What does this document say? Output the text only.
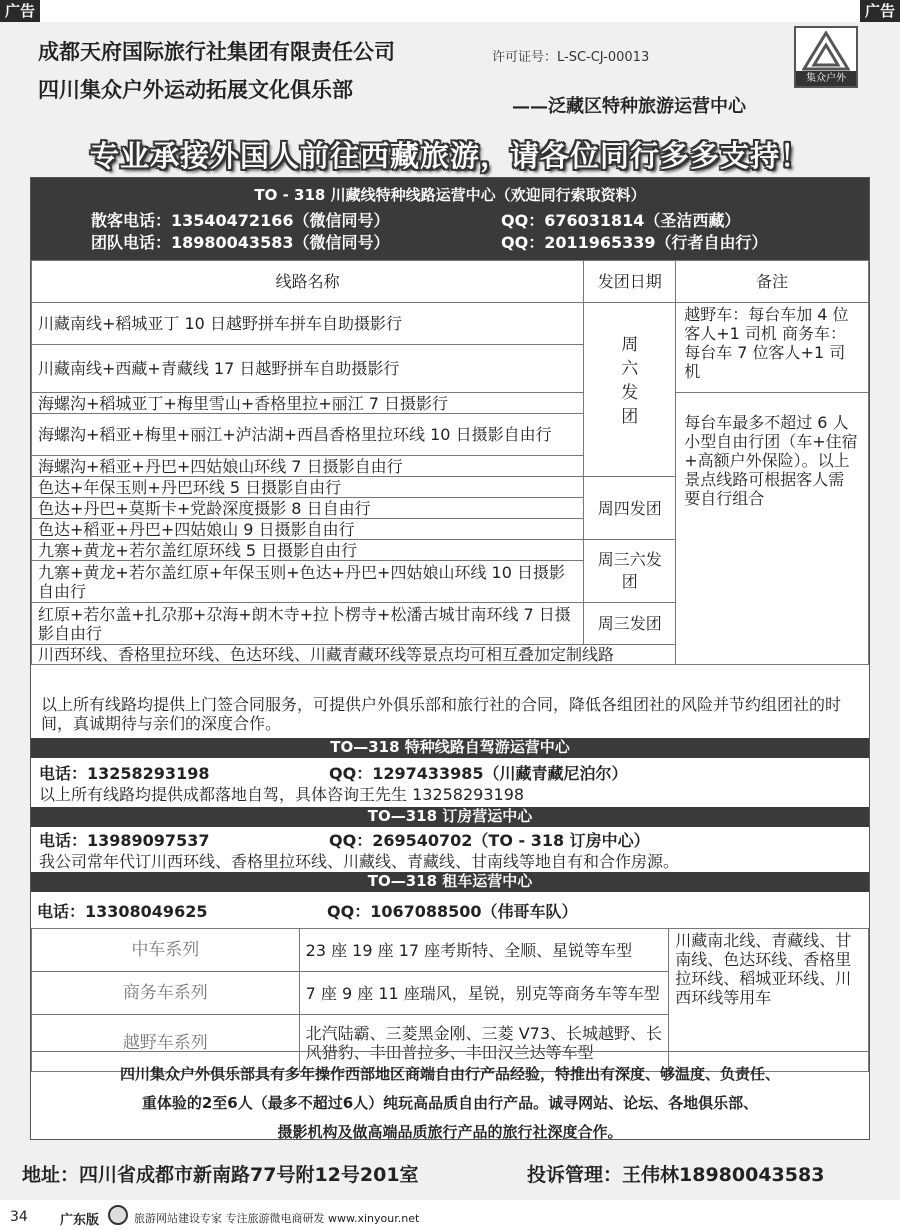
广告	广告
成都天府国际旅行社集团有限责任公司	许可证号：L-SC-CJ-00013
四川集众户外运动拓展文化俱乐部
——泛藏区特种旅游运营中心
集众户外
专业承接外国人前往西藏旅游，请各位同行多多支持！
TO - 318 川藏线特种线路运营中心（欢迎同行索取资料）
散客电话：13540472166（微信同号）	QQ：676031814（圣洁西藏）
团队电话：18980043583（微信同号）	QQ：2011965339（行者自由行）
线路名称	发团日期	备注
川藏南线+稻城亚丁 10 日越野拼车拼车自助摄影行	周六发团	越野车：每台车加 4 位客人+1 司机 商务车：每台车 7 位客人+1 司机
川藏南线+西藏+青藏线 17 日越野拼车自助摄影行		
海螺沟+稻城亚丁+梅里雪山+香格里拉+丽江 7 日摄影行		每台车最多不超过 6 人小型自由行团（车+住宿+高额户外保险）。以上景点线路可根据客人需要自行组合
海螺沟+稻亚+梅里+丽江+泸沽湖+西昌香格里拉环线 10 日摄影自由行		
海螺沟+稻亚+丹巴+四姑娘山环线 7 日摄影自由行		
色达+年保玉则+丹巴环线 5 日摄影自由行	周四发团	
色达+丹巴+莫斯卡+党龄深度摄影 8 日自由行		
色达+稻亚+丹巴+四姑娘山 9 日摄影自由行		
九寨+黄龙+若尔盖红原环线 5 日摄影自由行	周三六发团	
九寨+黄龙+若尔盖红原+年保玉则+色达+丹巴+四姑娘山环线 10 日摄影自由行		
红原+若尔盖+扎尕那+尕海+朗木寺+拉卜楞寺+松潘古城甘南环线 7 日摄影自由行	周三发团	
川西环线、香格里拉环线、色达环线、川藏青藏环线等景点均可相互叠加定制线路		
以上所有线路均提供上门签合同服务，可提供户外俱乐部和旅行社的合同，降低各组团社的风险并节约组团社的时间，真诚期待与亲们的深度合作。
TO—318 特种线路自驾游运营中心
电话：13258293198	QQ：1297433985（川藏青藏尼泊尔）
以上所有线路均提供成都落地自驾，具体咨询王先生 13258293198
TO—318 订房营运中心
电话：13989097537	QQ：269540702（TO - 318 订房中心）
我公司常年代订川西环线、香格里拉环线、川藏线、青藏线、甘南线等地自有和合作房源。
TO—318 租车运营中心
电话：13308049625	QQ：1067088500（伟哥车队）
中车系列	23 座 19 座 17 座考斯特、全顺、星锐等车型	川藏南北线、青藏线、甘南线、色达环线、香格里拉环线、稻城亚环线、川西环线等用车
商务车系列	7 座 9 座 11 座瑞风，星锐，别克等商务车等车型	
越野车系列	北汽陆霸、三菱黑金刚、三菱 V73、长城越野、长风猎豹、丰田普拉多、丰田汉兰达等车型	
四川集众户外俱乐部具有多年操作西部地区商端自由行产品经验，特推出有深度、够温度、负责任、
重体验的2至6人（最多不超过6人）纯玩高品质自由行产品。诚寻网站、论坛、各地俱乐部、
摄影机构及做高端品质旅行产品的旅行社深度合作。
地址：四川省成都市新南路77号附12号201室	投诉管理：王伟林18980043583
34 广东版	旅游网站建设专家 专注旅游微电商研发 www.xinyour.net
